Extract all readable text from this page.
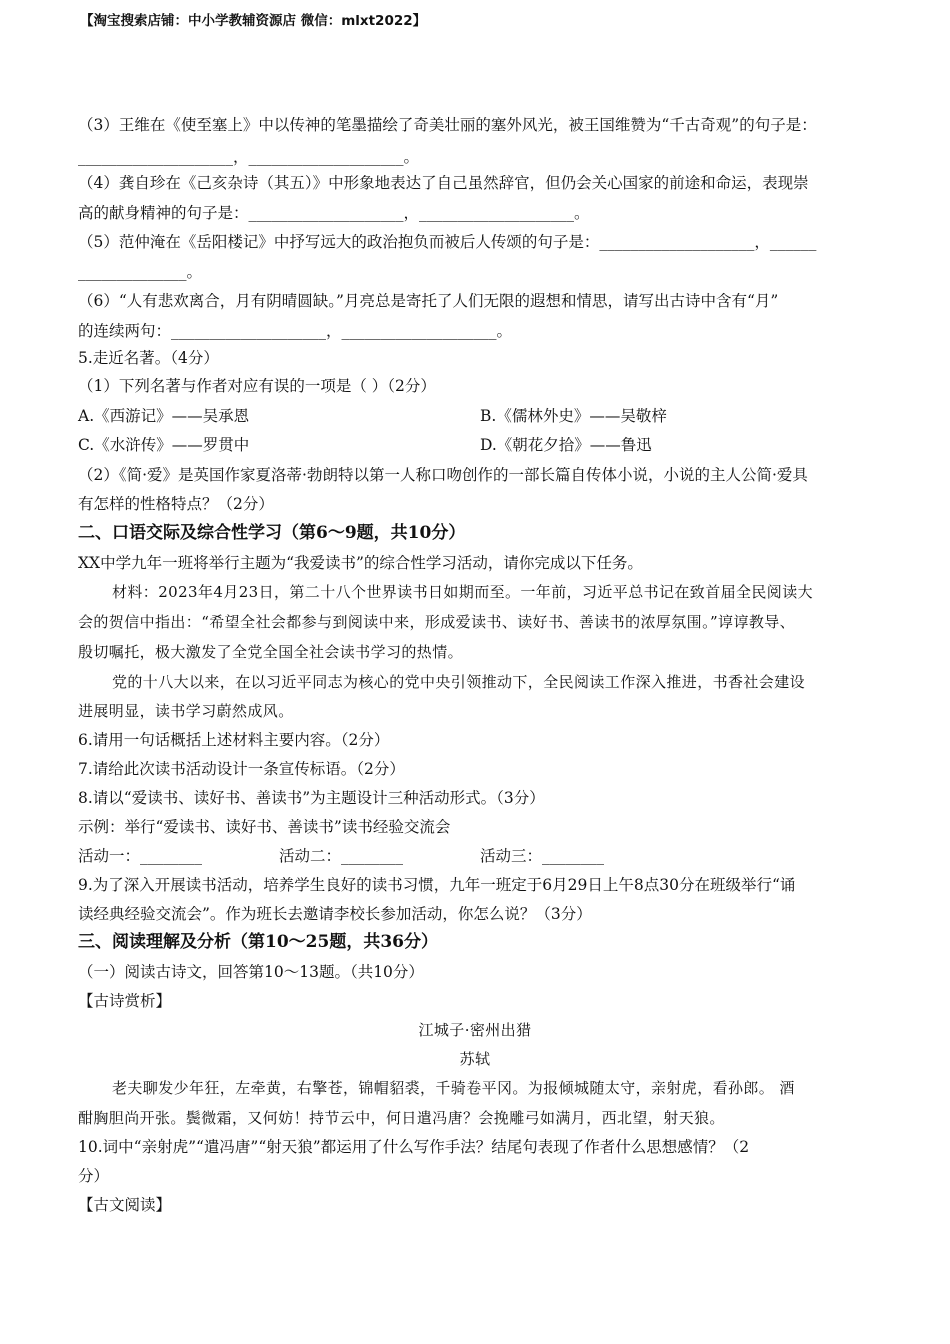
【淘宝搜索店铺：中小学教辅资源店 微信：mlxt2022】
（3）王维在《使至塞上》中以传神的笔墨描绘了奇美壮丽的塞外风光，被王国维赞为“千古奇观”的句子是：
____________________，____________________。
（4）龚自珍在《己亥杂诗（其五）》中形象地表达了自己虽然辞官，但仍会关心国家的前途和命运，表现崇
高的献身精神的句子是：____________________，____________________。
（5）范仲淹在《岳阳楼记》中抒写远大的政治抱负而被后人传颂的句子是：____________________，______
______________。
（6）“人有悲欢离合，月有阴晴圆缺。”月亮总是寄托了人们无限的遐想和情思，请写出古诗中含有“月”
的连续两句：____________________，____________________。
5.走近名著。（4分）
（1）下列名著与作者对应有误的一项是（ ）（2分）
A.《西游记》——吴承恩	B.《儒林外史》——吴敬梓
C.《水浒传》——罗贯中	D.《朝花夕拾》——鲁迅
（2）《简·爱》是英国作家夏洛蒂·勃朗特以第一人称口吻创作的一部长篇自传体小说，小说的主人公简·爱具
有怎样的性格特点？（2分）
二、口语交际及综合性学习（第6～9题，共10分）
XX中学九年一班将举行主题为“我爱读书”的综合性学习活动，请你完成以下任务。
材料：2023年4月23日，第二十八个世界读书日如期而至。一年前，习近平总书记在致首届全民阅读大
会的贺信中指出：“希望全社会都参与到阅读中来，形成爱读书、读好书、善读书的浓厚氛围。”谆谆教导、
殷切嘱托，极大激发了全党全国全社会读书学习的热情。
党的十八大以来，在以习近平同志为核心的党中央引领推动下，全民阅读工作深入推进，书香社会建设
进展明显，读书学习蔚然成风。
6.请用一句话概括上述材料主要内容。（2分）
7.请给此次读书活动设计一条宣传标语。（2分）
8.请以“爱读书、读好书、善读书”为主题设计三种活动形式。（3分）
示例：举行“爱读书、读好书、善读书”读书经验交流会
活动一：________	活动二：________	活动三：________
9.为了深入开展读书活动，培养学生良好的读书习惯，九年一班定于6月29日上午8点30分在班级举行“诵
读经典经验交流会”。作为班长去邀请李校长参加活动，你怎么说？（3分）
三、阅读理解及分析（第10～25题，共36分）
（一）阅读古诗文，回答第10～13题。（共10分）
【古诗赏析】
江城子·密州出猎
苏轼
老夫聊发少年狂，左牵黄，右擎苍，锦帽貂裘，千骑卷平冈。为报倾城随太守，亲射虎，看孙郎。 酒
酣胸胆尚开张。鬓微霜，又何妨！持节云中，何日遣冯唐？会挽雕弓如满月，西北望，射天狼。
10.词中“亲射虎”“遣冯唐”“射天狼”都运用了什么写作手法？结尾句表现了作者什么思想感情？（2
分）
【古文阅读】
